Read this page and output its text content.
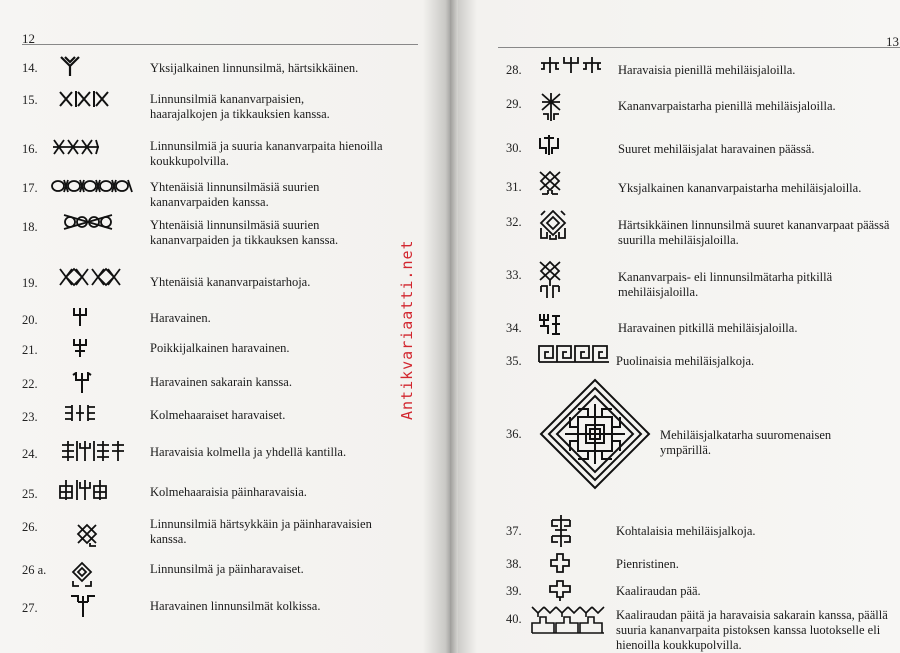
12
14.	Yksijalkainen linnunsilmä, härtsikkäinen.
15.	Linnunsilmiä kananvarpaisien, haarajalkojen ja tikkauksien kanssa.
16.	Linnunsilmiä ja suuria kananvarpaita hienoilla koukkupolvilla.
17.	Yhtenäisiä linnunsilmäsiä suurien kananvarpaiden kanssa.
18.	Yhtenäisiä linnunsilmäsiä suurien kananvarpaiden ja tikkauksen kanssa.
19.	Yhtenäisiä kananvarpaistarhoja.
20.	Haravainen.
21.	Poikkijalkainen haravainen.
22.	Haravainen sakarain kanssa.
23.	Kolmehaaraiset haravaiset.
24.	Haravaisia kolmella ja yhdellä kantilla.
25.	Kolmehaaraisia päinharavaisia.
26.	Linnunsilmiä härtsykkäin ja päinharavaisien kanssa.
26 a.	Linnunsilmä ja päinharavaiset.
27.	Haravainen linnunsilmät kolkissa.
Antikvariaatti.net
13
28.	Haravaisia pienillä mehiläisjaloilla.
29.	Kananvarpaistarha pienillä mehiläisjaloilla.
30.	Suuret mehiläisjalat haravainen päässä.
31.	Yksjalkainen kananvarpaistarha mehiläisjaloilla.
32.	Härtsikkäinen linnunsilmä suuret kananvarpaat päässä suurilla mehiläisjaloilla.
33.	Kananvarpais- eli linnunsilmätarha pitkillä mehiläisjaloilla.
34.	Haravainen pitkillä mehiläisjaloilla.
35.	Puolinaisia mehiläisjalkoja.
36.	Mehiläisjalkatarha suuromenaisen ympärillä.
37.	Kohtalaisia mehiläisjalkoja.
38.	Pienristinen.
39.	Kaaliraudan pää.
40.	Kaaliraudan päitä ja haravaisia sakarain kanssa, päällä suuria kananvarpaita pistoksen kanssa luotokselle eli hienoilla koukkupolvilla.
